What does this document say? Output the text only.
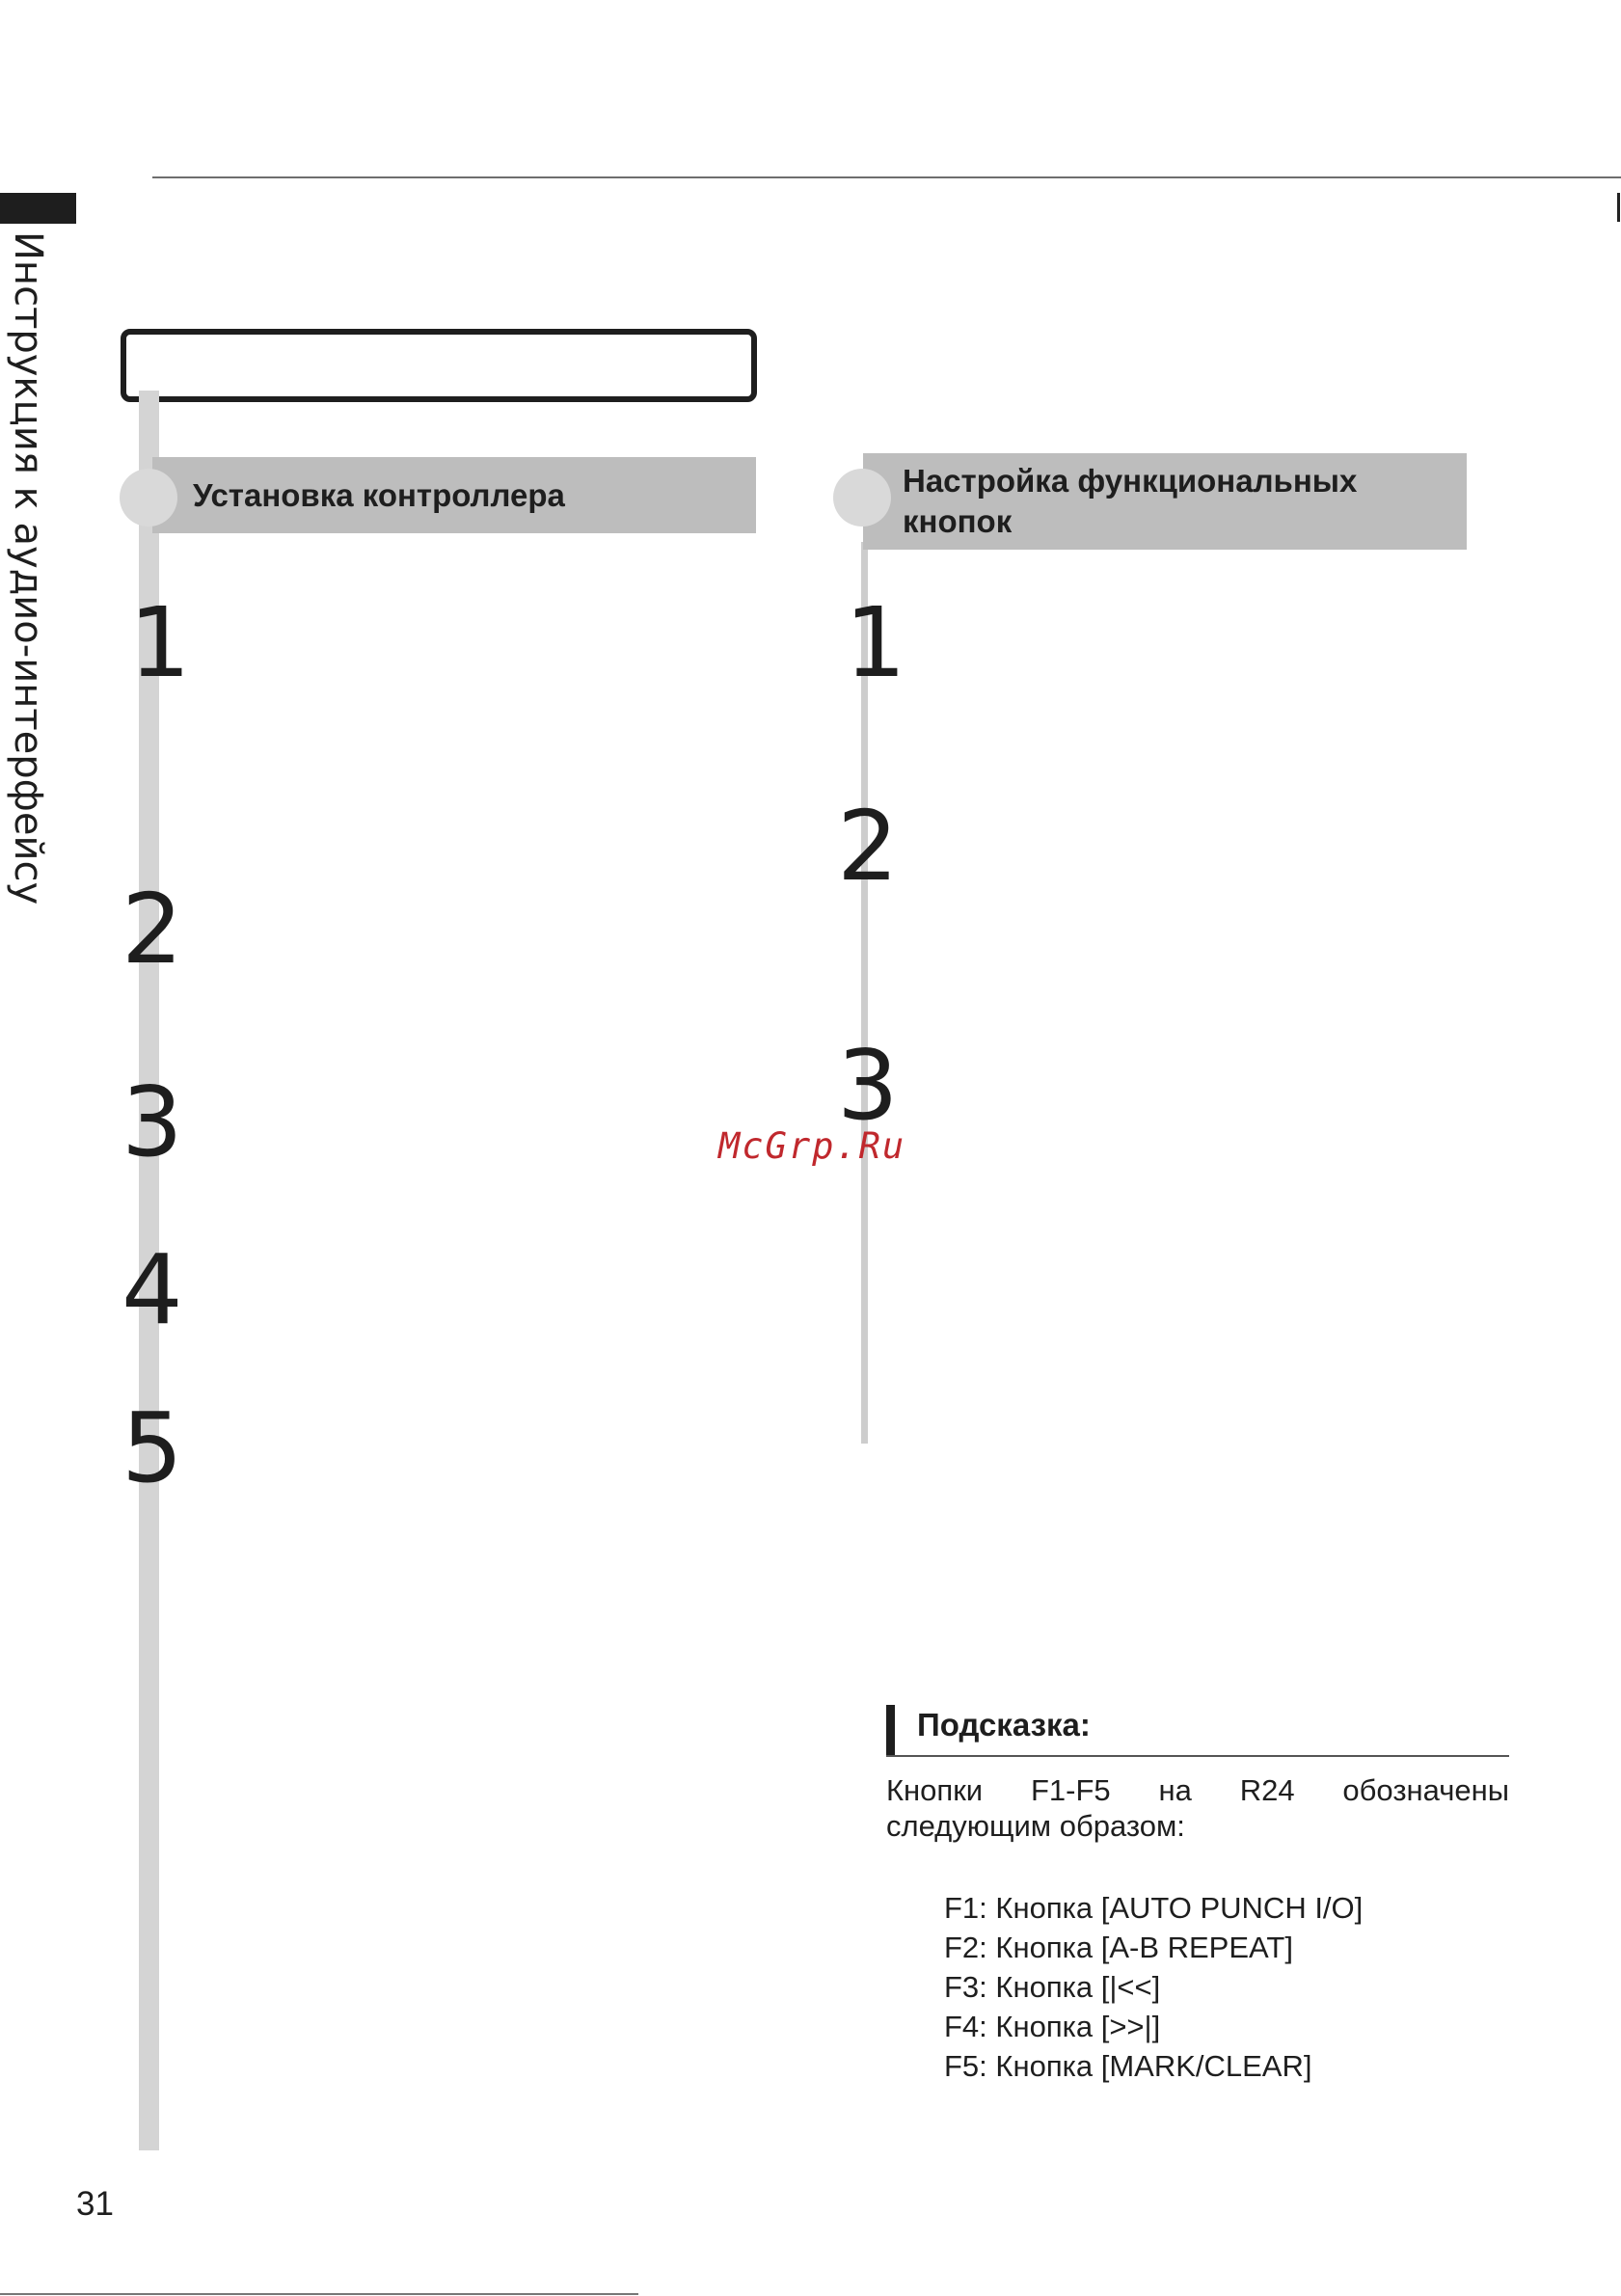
Инструкция к аудио-интерфейсу	Установка контроллера
1
2
3
4
5
Настройка функциональных кнопок
1
2
3
McGrp.Ru
Подсказка:
Кнопки F1-F5 на R24 обозначены
следующим образом:
F1: Кнопка [AUTO PUNCH I/O]
F2: Кнопка [A-B REPEAT]
F3: Кнопка [|<<]
F4: Кнопка [>>|]
F5: Кнопка [MARK/CLEAR]
31
